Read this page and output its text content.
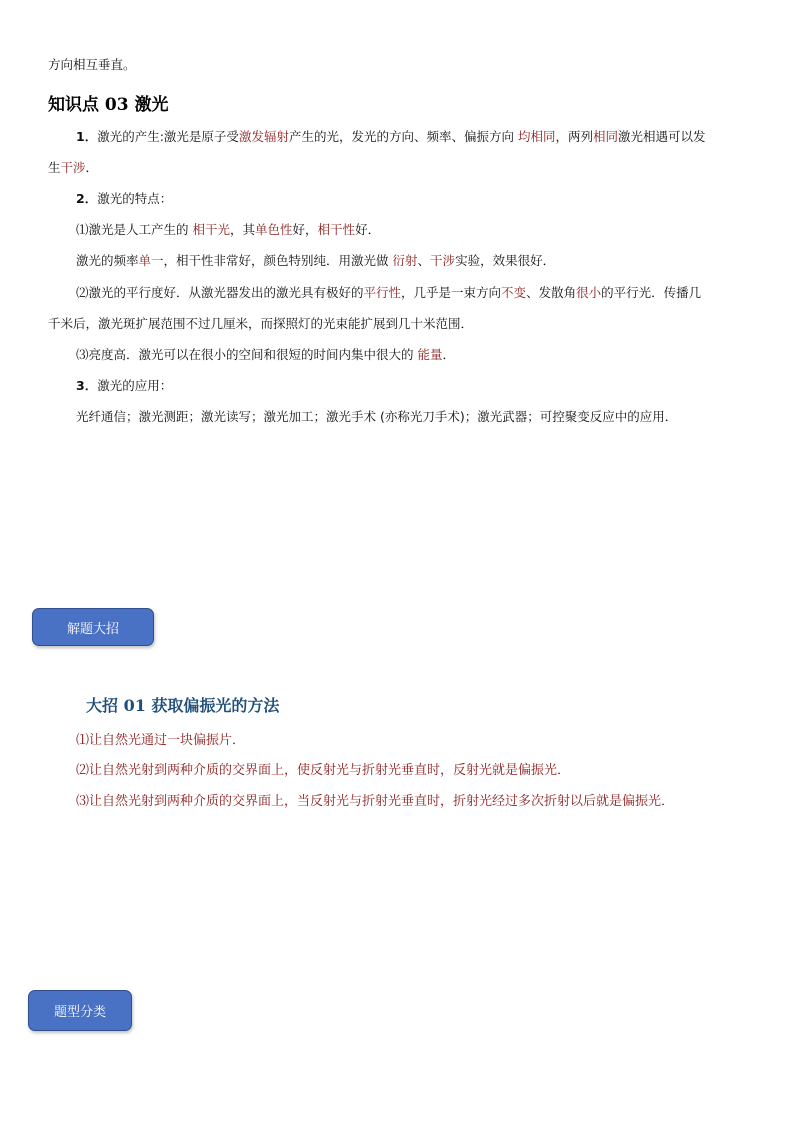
方向相互垂直。
知识点 03 激光
1．激光的产生:激光是原子受激发辐射产生的光，发光的方向、频率、偏振方向 均相同，两列相同激光相遇可以发
生干涉．
2．激光的特点：
⑴激光是人工产生的 相干光，其单色性好，相干性好．
激光的频率单一，相干性非常好，颜色特别纯．用激光做 衍射、干涉实验，效果很好．
⑵激光的平行度好．从激光器发出的激光具有极好的平行性，几乎是一束方向不变、发散角很小的平行光．传播几
千米后，激光斑扩展范围不过几厘米，而探照灯的光束能扩展到几十米范围．
⑶亮度高．激光可以在很小的空间和很短的时间内集中很大的 能量．
3．激光的应用：
光纤通信；激光测距；激光读写；激光加工；激光手术 (亦称光刀手术)；激光武器；可控聚变反应中的应用．
解题大招
大招 01 获取偏振光的方法
⑴让自然光通过一块偏振片．
⑵让自然光射到两种介质的交界面上，使反射光与折射光垂直时，反射光就是偏振光．
⑶让自然光射到两种介质的交界面上，当反射光与折射光垂直时，折射光经过多次折射以后就是偏振光．
题型分类
